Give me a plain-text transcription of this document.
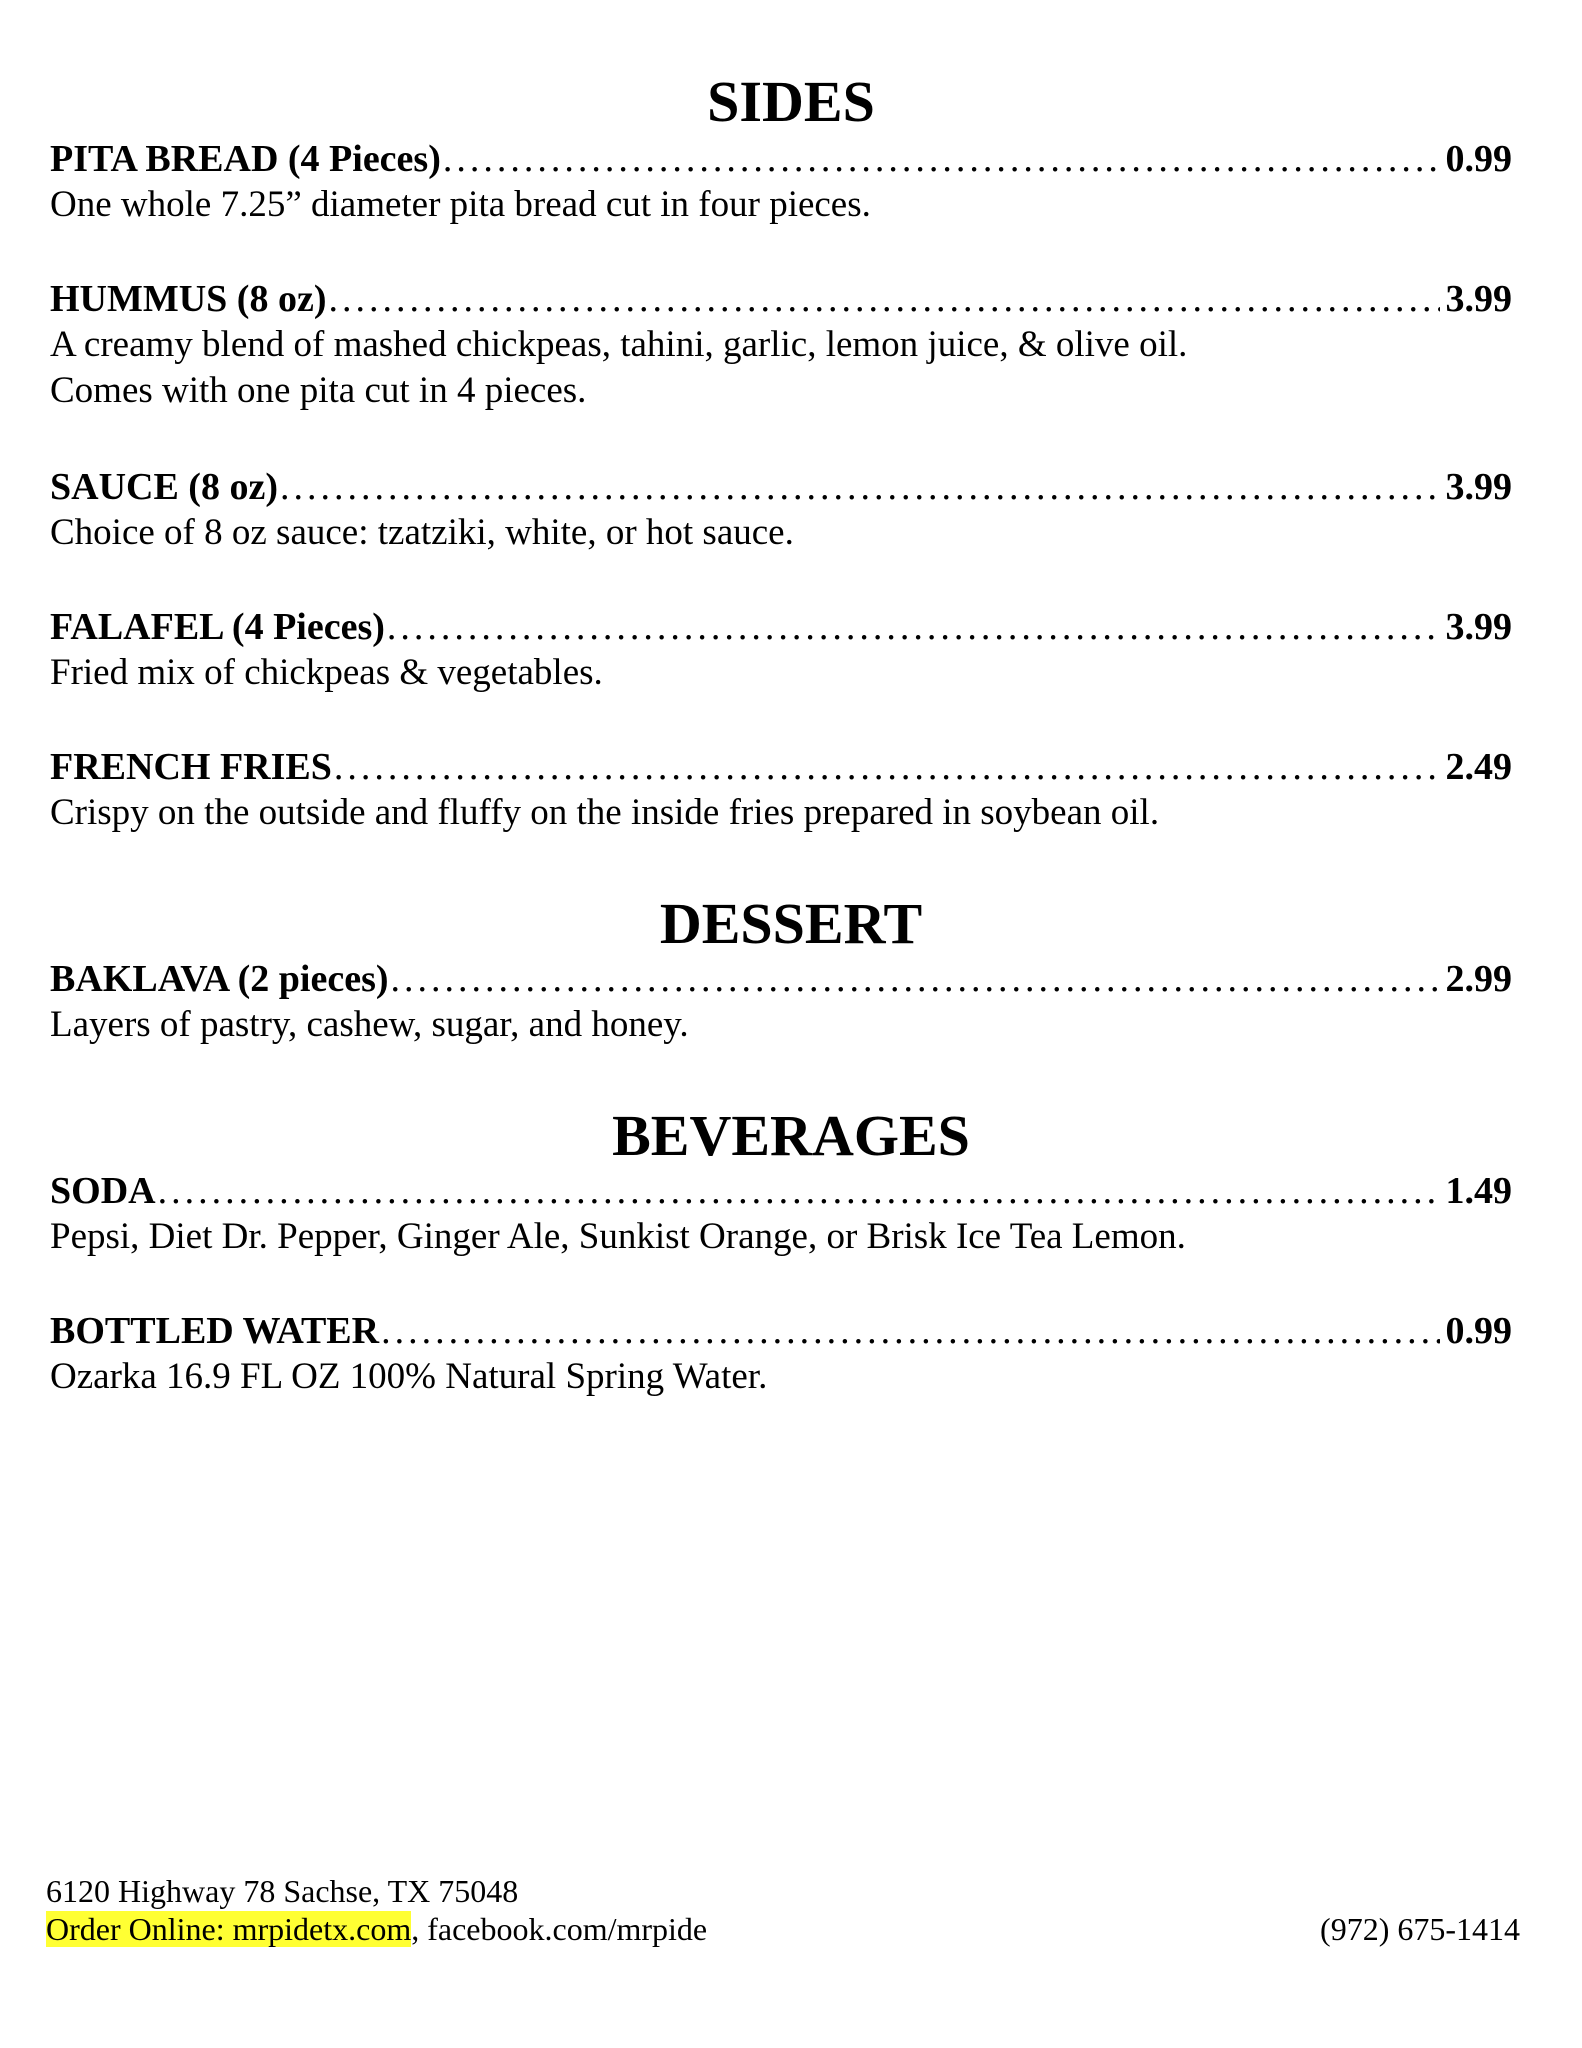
SIDES
PITA BREAD (4 Pieces) .....	0.99

One whole 7.25” diameter pita bread cut in four pieces.

HUMMUS (8 oz) .....	3.99

A creamy blend of mashed chickpeas, tahini, garlic, lemon juice, & olive oil.

Comes with one pita cut in 4 pieces.

SAUCE (8 oz) .....	3.99

Choice of 8 oz sauce: tzatziki, white, or hot sauce.

FALAFEL (4 Pieces) .....	3.99

Fried mix of chickpeas & vegetables.

FRENCH FRIES .....	2.49

Crispy on the outside and fluffy on the inside fries prepared in soybean oil.

DESSERT
BAKLAVA (2 pieces) .....	2.99

Layers of pastry, cashew, sugar, and honey.

BEVERAGES
SODA .....	1.49

Pepsi, Diet Dr. Pepper, Ginger Ale, Sunkist Orange, or Brisk Ice Tea Lemon.

BOTTLED WATER .....	0.99

Ozarka 16.9 FL OZ 100% Natural Spring Water.

6120 Highway 78 Sachse, TX 75048
Order Online: mrpidetx.com, facebook.com/mrpide	(972) 675-1414
